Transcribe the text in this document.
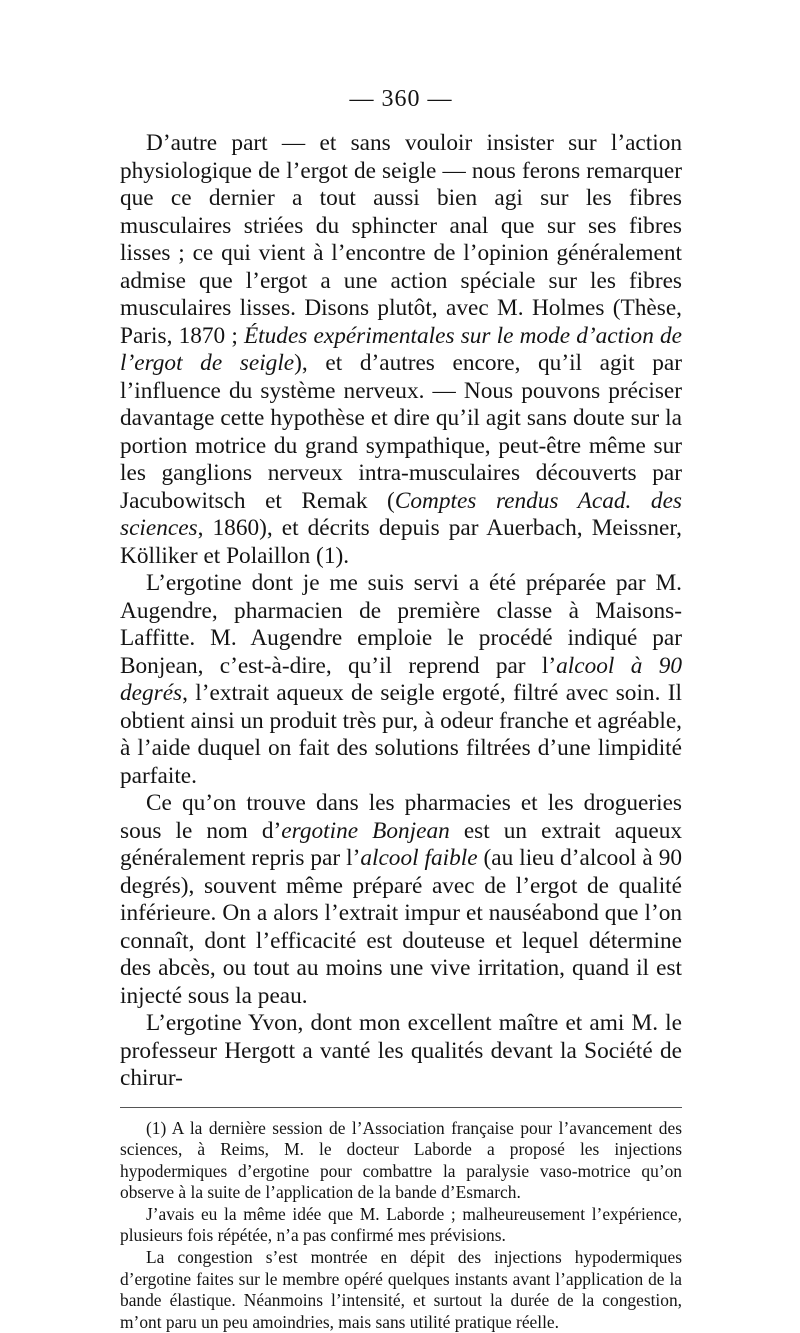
— 360 —

D’autre part — et sans vouloir insister sur l’action physiologique de l’ergot de seigle — nous ferons remarquer que ce dernier a tout aussi bien agi sur les fibres musculaires striées du sphincter anal que sur ses fibres lisses ; ce qui vient à l’encontre de l’opinion généralement admise que l’ergot a une action spéciale sur les fibres musculaires lisses. Disons plutôt, avec M. Holmes (Thèse, Paris, 1870 ; Études expérimentales sur le mode d’action de l’ergot de seigle), et d’autres encore, qu’il agit par l’influence du système nerveux. — Nous pouvons préciser davantage cette hypothèse et dire qu’il agit sans doute sur la portion motrice du grand sympathique, peut-être même sur les ganglions nerveux intra-musculaires découverts par Jacubowitsch et Remak (Comptes rendus Acad. des sciences, 1860), et décrits depuis par Auerbach, Meissner, Kölliker et Polaillon (1).

L’ergotine dont je me suis servi a été préparée par M. Augendre, pharmacien de première classe à Maisons-Laffitte. M. Augendre emploie le procédé indiqué par Bonjean, c’est-à-dire, qu’il reprend par l’alcool à 90 degrés, l’extrait aqueux de seigle ergoté, filtré avec soin. Il obtient ainsi un produit très pur, à odeur franche et agréable, à l’aide duquel on fait des solutions filtrées d’une limpidité parfaite.

Ce qu’on trouve dans les pharmacies et les drogueries sous le nom d’ergotine Bonjean est un extrait aqueux généralement repris par l’alcool faible (au lieu d’alcool à 90 degrés), souvent même préparé avec de l’ergot de qualité inférieure. On a alors l’extrait impur et nauséabond que l’on connaît, dont l’efficacité est douteuse et lequel détermine des abcès, ou tout au moins une vive irritation, quand il est injecté sous la peau.

L’ergotine Yvon, dont mon excellent maître et ami M. le professeur Hergott a vanté les qualités devant la Société de chirur-

(1) A la dernière session de l’Association française pour l’avancement des sciences, à Reims, M. le docteur Laborde a proposé les injections hypodermiques d’ergotine pour combattre la paralysie vaso-motrice qu’on observe à la suite de l’application de la bande d’Esmarch.

J’avais eu la même idée que M. Laborde ; malheureusement l’expérience, plusieurs fois répétée, n’a pas confirmé mes prévisions.

La congestion s’est montrée en dépit des injections hypodermiques d’ergotine faites sur le membre opéré quelques instants avant l’application de la bande élastique. Néanmoins l’intensité, et surtout la durée de la congestion, m’ont paru un peu amoindries, mais sans utilité pratique réelle.
